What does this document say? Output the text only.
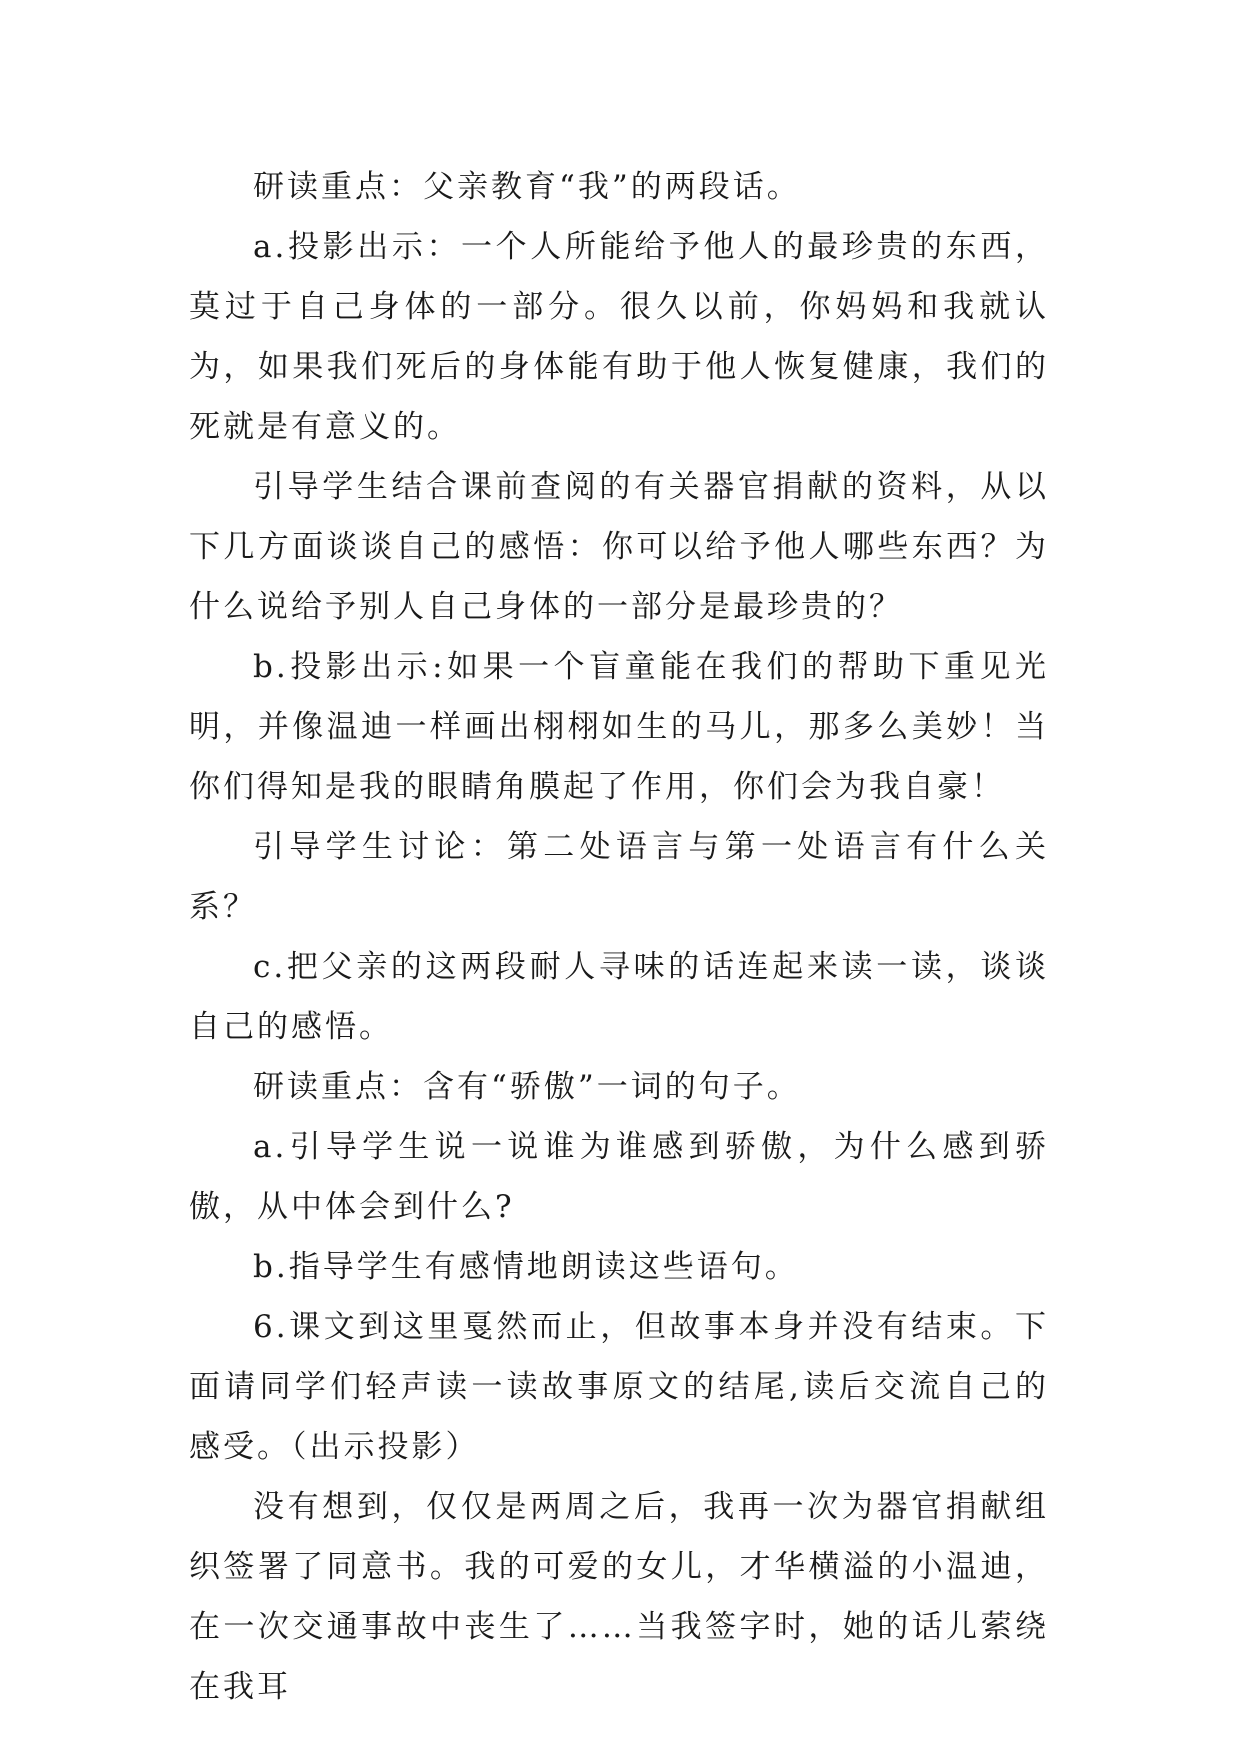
研读重点：父亲教育“我”的两段话。

a.投影出示：一个人所能给予他人的最珍贵的东西，莫过于自己身体的一部分。很久以前，你妈妈和我就认为，如果我们死后的身体能有助于他人恢复健康，我们的死就是有意义的。

引导学生结合课前查阅的有关器官捐献的资料，从以下几方面谈谈自己的感悟：你可以给予他人哪些东西？为什么说给予别人自己身体的一部分是最珍贵的？

b.投影出示:如果一个盲童能在我们的帮助下重见光明，并像温迪一样画出栩栩如生的马儿，那多么美妙！当你们得知是我的眼睛角膜起了作用，你们会为我自豪！

引导学生讨论：第二处语言与第一处语言有什么关系？

c.把父亲的这两段耐人寻味的话连起来读一读，谈谈自己的感悟。

研读重点：含有“骄傲”一词的句子。

a.引导学生说一说谁为谁感到骄傲，为什么感到骄傲，从中体会到什么?

b.指导学生有感情地朗读这些语句。

6.课文到这里戛然而止，但故事本身并没有结束。下面请同学们轻声读一读故事原文的结尾,读后交流自己的感受。（出示投影）

没有想到，仅仅是两周之后，我再一次为器官捐献组织签署了同意书。我的可爱的女儿，才华横溢的小温迪，在一次交通事故中丧生了……当我签字时，她的话儿萦绕在我耳
